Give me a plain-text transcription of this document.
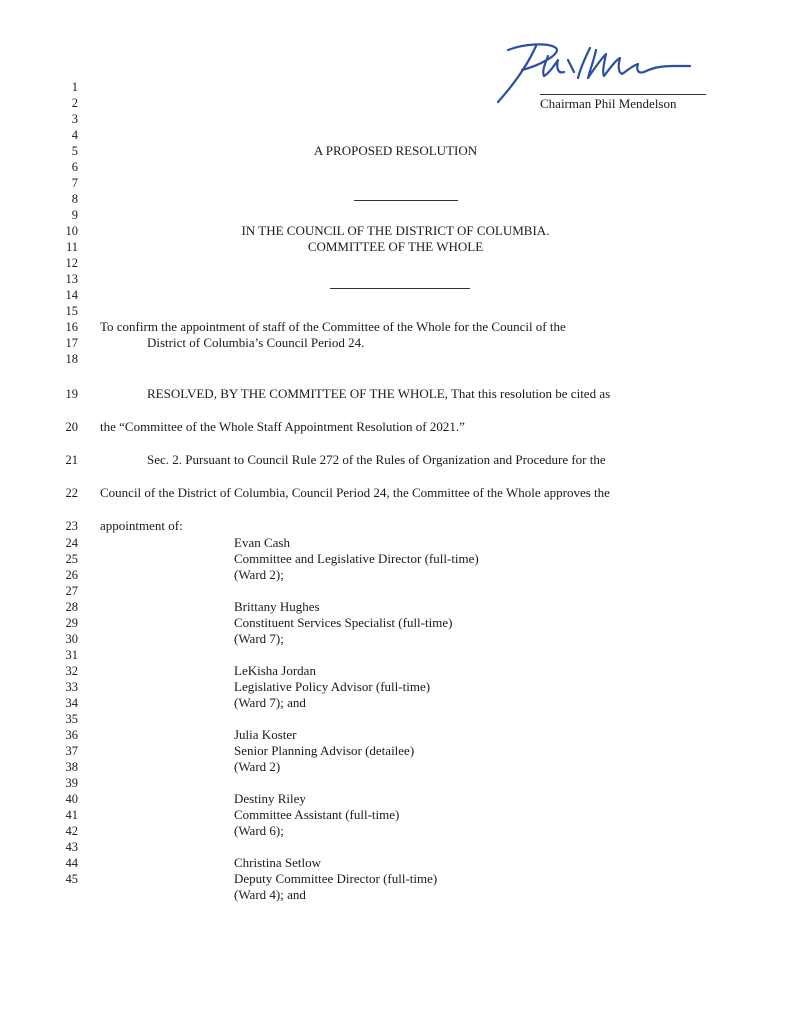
Chairman Phil Mendelson
1
2
3
4
5
6
7
8
9
10
11
12
13
14
15
16
17
18
19
20
21
22
23
24
25
26
27
28
29
30
31
32
33
34
35
36
37
38
39
40
41
42
43
44
45
A PROPOSED RESOLUTION
IN THE COUNCIL OF THE DISTRICT OF COLUMBIA.
COMMITTEE OF THE WHOLE
To confirm the appointment of staff of the Committee of the Whole for the Council of the
District of Columbia’s Council Period 24.
RESOLVED, BY THE COMMITTEE OF THE WHOLE, That this resolution be cited as
the “Committee of the Whole Staff Appointment Resolution of 2021.”
Sec. 2. Pursuant to Council Rule 272 of the Rules of Organization and Procedure for the
Council of the District of Columbia, Council Period 24, the Committee of the Whole approves the
appointment of:
Evan Cash
Committee and Legislative Director (full-time)
(Ward 2);
Brittany Hughes
Constituent Services Specialist (full-time)
(Ward 7);
LeKisha Jordan
Legislative Policy Advisor (full-time)
(Ward 7); and
Julia Koster
Senior Planning Advisor (detailee)
(Ward 2)
Destiny Riley
Committee Assistant (full-time)
(Ward 6);
Christina Setlow
Deputy Committee Director (full-time)
(Ward 4); and
